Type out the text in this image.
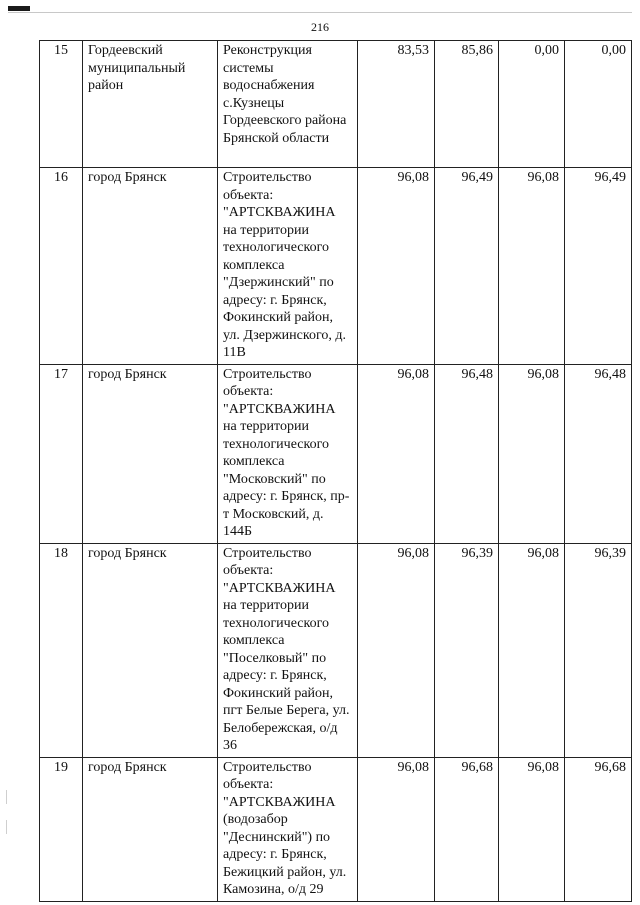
216
15	Гордеевский муниципальный район	Реконструкция системы водоснабжения с.Кузнецы Гордеевского района Брянской области	83,53	85,86	0,00	0,00
16	город Брянск	Строительство объекта: "АРТСКВАЖИНА на территории технологического комплекса "Дзержинский" по адресу: г. Брянск, Фокинский район, ул. Дзержинского, д. 11В	96,08	96,49	96,08	96,49
17	город Брянск	Строительство объекта: "АРТСКВАЖИНА на территории технологического комплекса "Московский" по адресу: г. Брянск, пр-т Московский, д. 144Б	96,08	96,48	96,08	96,48
18	город Брянск	Строительство объекта: "АРТСКВАЖИНА на территории технологического комплекса "Поселковый" по адресу: г. Брянск, Фокинский район, пгт Белые Берега, ул. Белобережская, о/д 36	96,08	96,39	96,08	96,39
19	город Брянск	Строительство объекта: "АРТСКВАЖИНА (водозабор "Деснинский") по адресу: г. Брянск, Бежицкий район, ул. Камозина, о/д 29	96,08	96,68	96,08	96,68
